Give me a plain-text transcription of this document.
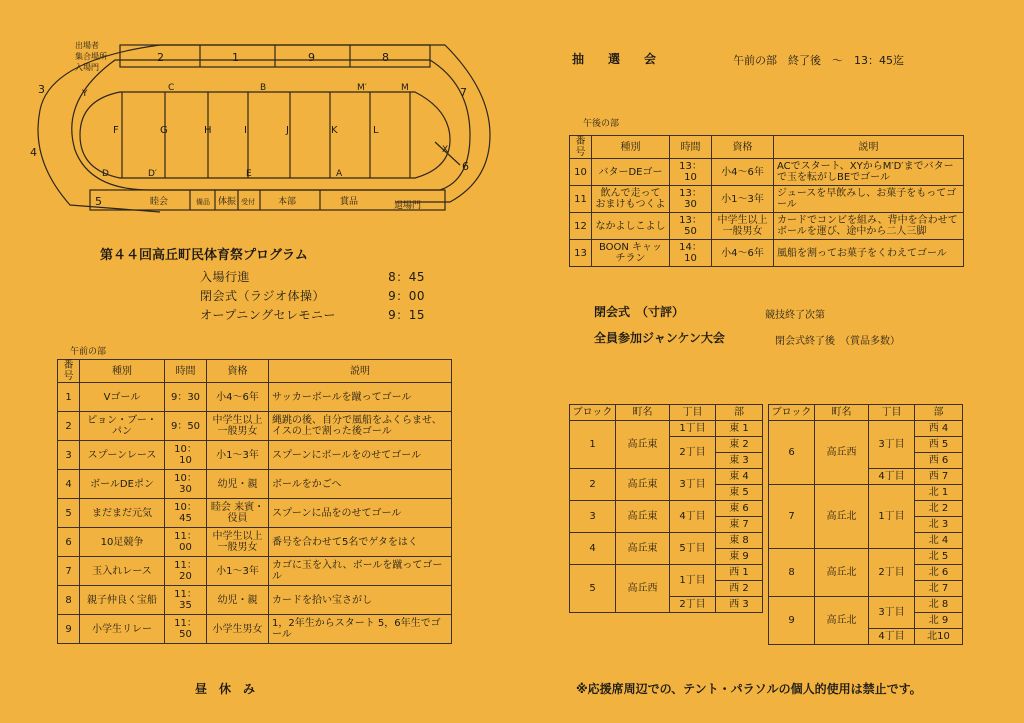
出場者
集合場所
入場門
2	1	9	8
3
4
5
6
7
Y
C	B	M′	M
F	G	H	I	J	K	L
D	D′	E	A
X
睦会	備品 体振 受付	本部	賞品	退場門
第４４回高丘町民体育祭プログラム
入場行進	8：45
閉会式（ラジオ体操）	9：00
オープニングセレモニー	9：15
午前の部
番号	種別	時間	資格	説明
1	Vゴール	9：30	小4～6年	サッカーボールを蹴ってゴール
2	ピョン・ブー・パン	9：50	中学生以上 一般男女	縄跳の後、自分で風船をふくらませ、イスの上で割った後ゴール
3	スプーンレース	10：10	小1～3年	スプーンにボールをのせてゴール
4	ボールDEポン	10：30	幼児・親	ボールをかごへ
5	まだまだ元気	10：45	睦会 来賓・役員	スプーンに品をのせてゴール
6	10足競争	11：00	中学生以上 一般男女	番号を合わせて5名でゲタをはく
7	玉入れレース	11：20	小1～3年	カゴに玉を入れ、ボールを蹴ってゴール
8	親子仲良く宝船	11：35	幼児・親	カードを拾い宝さがし
9	小学生リレー	11：50	小学生男女	1，2年生からスタート 5，6年生でゴール
昼　休　み
抽　　選　　会	午前の部　終了後　～　13：45迄
午後の部
番号	種別	時間	資格	説明
10	バターDEゴー	13：10	小4～6年	ACでスタート、XYからM′D′までバターで玉を転がしBEでゴール
11	飲んで走って おまけもつくよ	13：30	小1～3年	ジュースを早飲みし、お菓子をもってゴール
12	なかよしこよし	13：50	中学生以上 一般男女	カードでコンビを組み、背中を合わせてボールを運び、途中から二人三脚
13	BOON キャッチラン	14：10	小4～6年	風船を割ってお菓子をくわえてゴール
閉会式　（寸評）	競技終了次第
全員参加ジャンケン大会	閉会式終了後　（賞品多数）
ブロック	町名	丁目	部
1	高丘東	1丁目	東 1
		2丁目	東 2
			東 3
2	高丘東	3丁目	東 4
			東 5
3	高丘東	4丁目	東 6
			東 7
4	高丘東	5丁目	東 8
			東 9
5	高丘西	1丁目	西 1
			西 2
		2丁目	西 3
ブロック	町名	丁目	部
6	高丘西	3丁目	西 4
			西 5
			西 6
		4丁目	西 7
7	高丘北	1丁目	北 1
			北 2
			北 3
			北 4
8	高丘北	2丁目	北 5
			北 6
			北 7
9	高丘北	3丁目	北 8
			北 9
		4丁目	北10
※応援席周辺での、テント・パラソルの個人的使用は禁止です。
